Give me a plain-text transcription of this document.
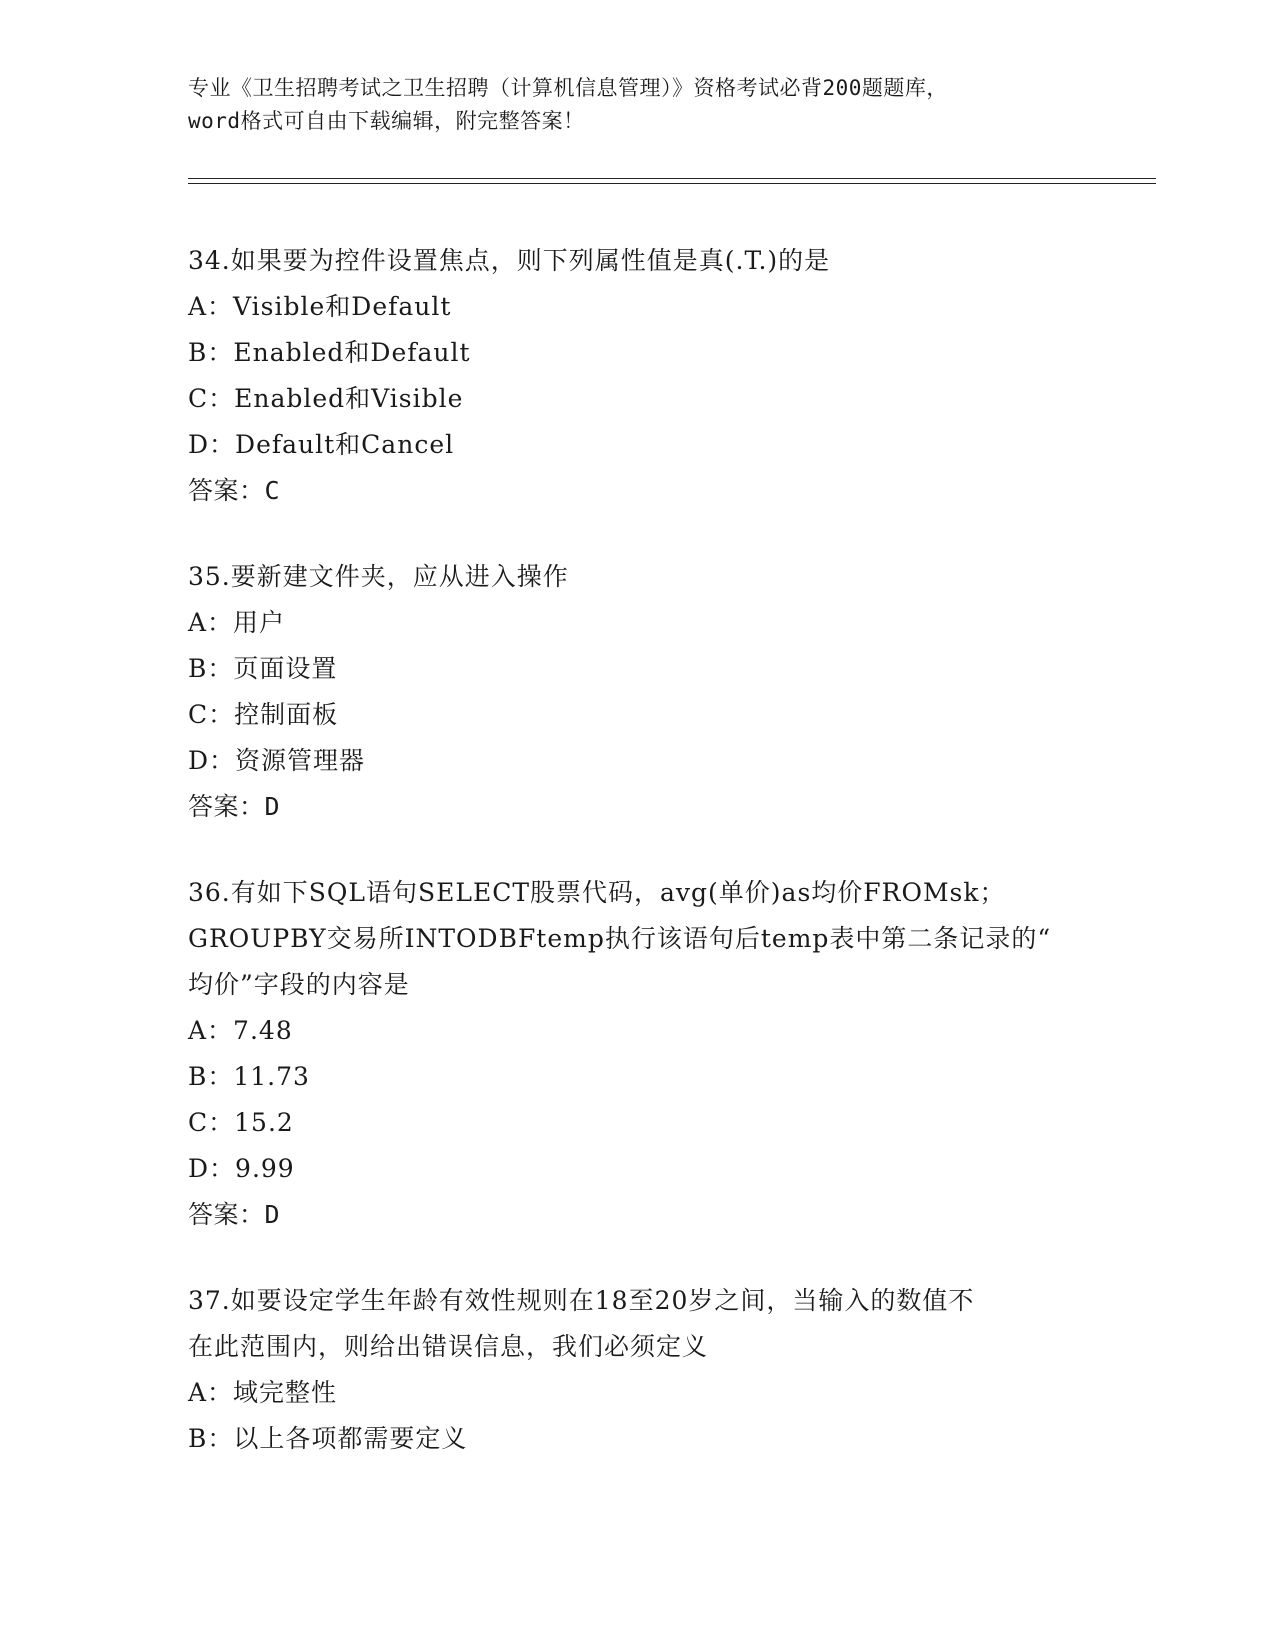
专业《卫生招聘考试之卫生招聘（计算机信息管理）》资格考试必背200题题库，
word格式可自由下载编辑，附完整答案！
34.如果要为控件设置焦点，则下列属性值是真(.T.)的是
A：Visible和Default
B：Enabled和Default
C：Enabled和Visible
D：Default和Cancel
答案：C
35.要新建文件夹，应从进入操作
A：用户
B：页面设置
C：控制面板
D：资源管理器
答案：D
36.有如下SQL语句SELECT股票代码，avg(单价)as均价FROMsk；
GROUPBY交易所INTODBFtemp执行该语句后temp表中第二条记录的“
均价”字段的内容是
A：7.48
B：11.73
C：15.2
D：9.99
答案：D
37.如要设定学生年龄有效性规则在18至20岁之间，当输入的数值不
在此范围内，则给出错误信息，我们必须定义
A：域完整性
B：以上各项都需要定义
